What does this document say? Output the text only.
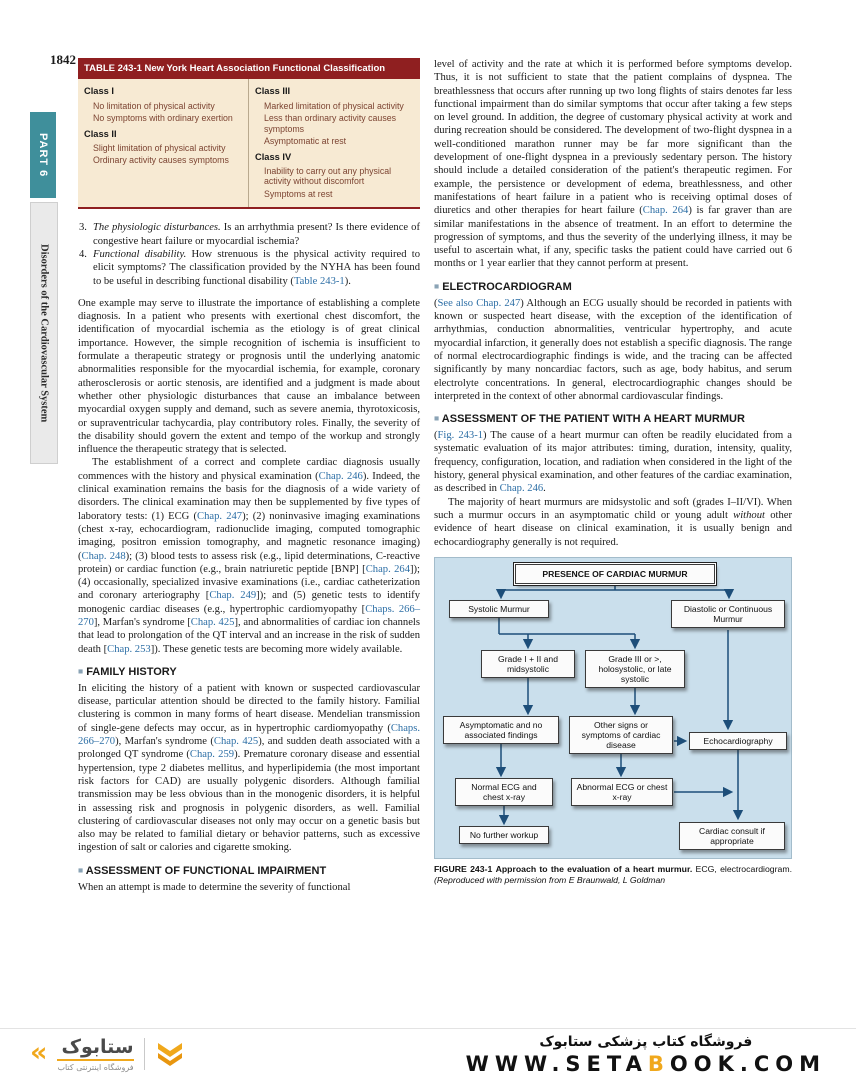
1842
PART 6
Disorders of the Cardiovascular System
TABLE 243-1 New York Heart Association Functional Classification
Class I
No limitation of physical activity
No symptoms with ordinary exertion
Class II
Slight limitation of physical activity
Ordinary activity causes symptoms
Class III
Marked limitation of physical activity
Less than ordinary activity causes symptoms
Asymptomatic at rest
Class IV
Inability to carry out any physical activity without discomfort
Symptoms at rest
3. The physiologic disturbances. Is an arrhythmia present? Is there evidence of congestive heart failure or myocardial ischemia?
4. Functional disability. How strenuous is the physical activity required to elicit symptoms? The classification provided by the NYHA has been found to be useful in describing functional disability (Table 243-1).
One example may serve to illustrate the importance of establishing a complete diagnosis. In a patient who presents with exertional chest discomfort, the identification of myocardial ischemia as the etiology is of great clinical importance. However, the simple recognition of ischemia is insufficient to formulate a therapeutic strategy or prognosis until the underlying anatomic abnormalities responsible for the myocardial ischemia, for example, coronary atherosclerosis or aortic stenosis, are identified and a judgment is made about whether other physiologic disturbances that cause an imbalance between myocardial oxygen supply and demand, such as severe anemia, thyrotoxicosis, or supraventricular tachycardia, play contributory roles. Finally, the severity of the disability should govern the extent and tempo of the workup and strongly influence the therapeutic strategy that is selected.
The establishment of a correct and complete cardiac diagnosis usually commences with the history and physical examination (Chap. 246). Indeed, the clinical examination remains the basis for the diagnosis of a wide variety of disorders. The clinical examination may then be supplemented by five types of laboratory tests: (1) ECG (Chap. 247); (2) noninvasive imaging examinations (chest x-ray, echocardiogram, radionuclide imaging, computed tomographic imaging, positron emission tomography, and magnetic resonance imaging) (Chap. 248); (3) blood tests to assess risk (e.g., lipid determinations, C-reactive protein) or cardiac function (e.g., brain natriuretic peptide [BNP] [Chap. 264]); (4) occasionally, specialized invasive examinations (i.e., cardiac catheterization and coronary arteriography [Chap. 249]); and (5) genetic tests to identify monogenic cardiac diseases (e.g., hypertrophic cardiomyopathy [Chaps. 266–270], Marfan's syndrome [Chap. 425], and abnormalities of cardiac ion channels that lead to prolongation of the QT interval and an increase in the risk of sudden death [Chap. 253]). These genetic tests are becoming more widely available.
■ FAMILY HISTORY
In eliciting the history of a patient with known or suspected cardiovascular disease, particular attention should be directed to the family history. Familial clustering is common in many forms of heart disease. Mendelian transmission of single-gene defects may occur, as in hypertrophic cardiomyopathy (Chaps. 266–270), Marfan's syndrome (Chap. 425), and sudden death associated with a prolonged QT syndrome (Chap. 259). Premature coronary disease and essential hypertension, type 2 diabetes mellitus, and hyperlipidemia (the most important risk factors for CAD) are usually polygenic disorders. Although familial transmission may be less obvious than in the monogenic disorders, it is helpful in assessing risk and prognosis in polygenic disorders, as well. Familial clustering of cardiovascular diseases not only may occur on a genetic basis but also may be related to familial dietary or behavior patterns, such as excessive ingestion of salt or calories and cigarette smoking.
■ ASSESSMENT OF FUNCTIONAL IMPAIRMENT
When an attempt is made to determine the severity of functional
level of activity and the rate at which it is performed before symptoms develop. Thus, it is not sufficient to state that the patient complains of dyspnea. The breathlessness that occurs after running up two long flights of stairs denotes far less functional impairment than do similar symptoms that occur after taking a few steps on level ground. In addition, the degree of customary physical activity at work and during recreation should be considered. The development of two-flight dyspnea in a well-conditioned marathon runner may be far more significant than the development of one-flight dyspnea in a previously sedentary person. The history should include a detailed consideration of the patient's therapeutic regimen. For example, the persistence or development of edema, breathlessness, and other manifestations of heart failure in a patient who is receiving optimal doses of diuretics and other therapies for heart failure (Chap. 264) is far graver than are similar manifestations in the absence of treatment. In an effort to determine the progression of symptoms, and thus the severity of the underlying illness, it may be useful to ascertain what, if any, specific tasks the patient could have carried out 6 months or 1 year earlier that they cannot perform at present.
■ ELECTROCARDIOGRAM
(See also Chap. 247) Although an ECG usually should be recorded in patients with known or suspected heart disease, with the exception of the identification of arrhythmias, conduction abnormalities, ventricular hypertrophy, and acute myocardial infarction, it generally does not establish a specific diagnosis. The range of normal electrocardiographic findings is wide, and the tracing can be affected significantly by many noncardiac factors, such as age, body habitus, and serum electrolyte concentrations. In general, electrocardiographic changes should be interpreted in the context of other abnormal cardiovascular findings.
■ ASSESSMENT OF THE PATIENT WITH A HEART MURMUR
(Fig. 243-1) The cause of a heart murmur can often be readily elucidated from a systematic evaluation of its major attributes: timing, duration, intensity, quality, frequency, configuration, location, and radiation when considered in the light of the history, general physical examination, and other features of the cardiac examination, as described in Chap. 246.
The majority of heart murmurs are midsystolic and soft (grades I–II/VI). When such a murmur occurs in an asymptomatic child or young adult without other evidence of heart disease on clinical examination, it is usually benign and echocardiography generally is not required.
PRESENCE OF CARDIAC MURMUR
Systolic Murmur	Diastolic or Continuous Murmur
Grade I + II and midsystolic
Grade III or >, holosystolic, or late systolic
Asymptomatic and no associated findings
Other signs or symptoms of cardiac disease	Echocardiography
Normal ECG and chest x-ray
Abnormal ECG or chest x-ray
No further workup	Cardiac consult if appropriate
FIGURE 243-1 Approach to the evaluation of a heart murmur. ECG, electrocardiogram. (Reproduced with permission from E Braunwald, L Goldman
« ستابوک
فروشگاه اینترنتی کتاب
فروشگاه کتاب پزشکی ستابوک
WWW.SETABOOK.COM
